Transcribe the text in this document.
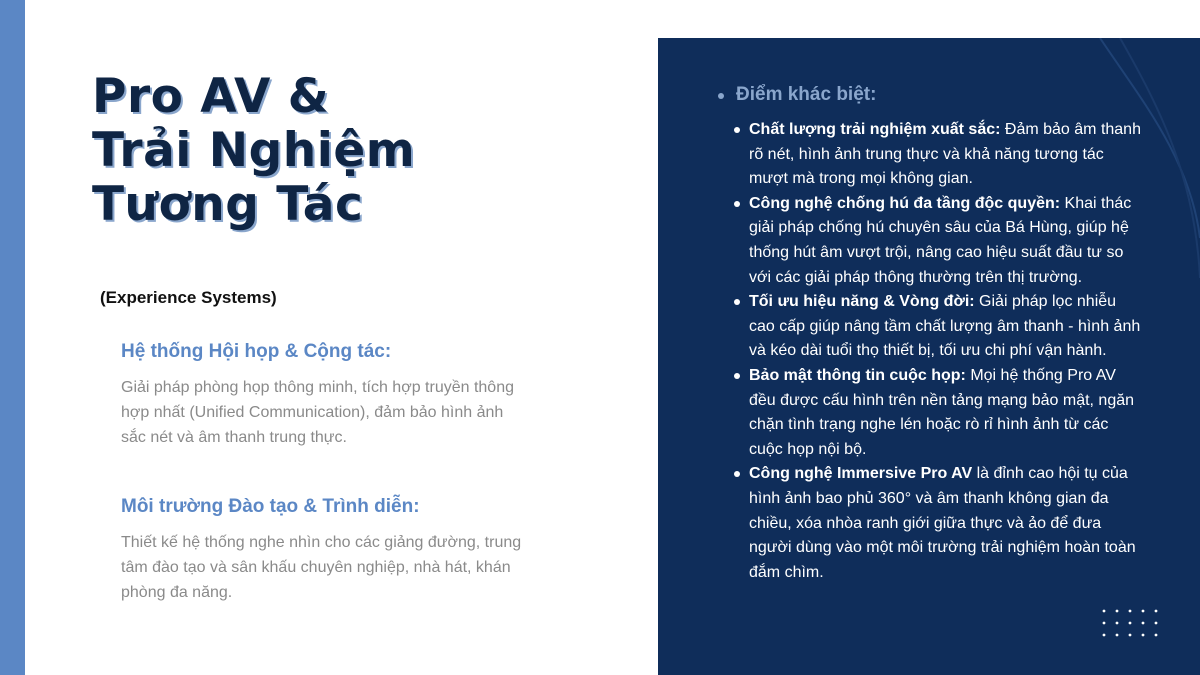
Pro AV &
Trải Nghiệm
Tương Tác

(Experience Systems)

Hệ thống Hội họp & Cộng tác:

Giải pháp phòng họp thông minh, tích hợp truyền thông hợp nhất (Unified Communication), đảm bảo hình ảnh sắc nét và âm thanh trung thực.

Môi trường Đào tạo & Trình diễn:

Thiết kế hệ thống nghe nhìn cho các giảng đường, trung tâm đào tạo và sân khấu chuyên nghiệp, nhà hát, khán phòng đa năng.

Điểm khác biệt:
Chất lượng trải nghiệm xuất sắc: Đảm bảo âm thanh rõ nét, hình ảnh trung thực và khả năng tương tác mượt mà trong mọi không gian.
Công nghệ chống hú đa tầng độc quyền: Khai thác giải pháp chống hú chuyên sâu của Bá Hùng, giúp hệ thống hút âm vượt trội, nâng cao hiệu suất đầu tư so với các giải pháp thông thường trên thị trường.
Tối ưu hiệu năng & Vòng đời: Giải pháp lọc nhiễu cao cấp giúp nâng tầm chất lượng âm thanh - hình ảnh và kéo dài tuổi thọ thiết bị, tối ưu chi phí vận hành.
Bảo mật thông tin cuộc họp: Mọi hệ thống Pro AV đều được cấu hình trên nền tảng mạng bảo mật, ngăn chặn tình trạng nghe lén hoặc rò rỉ hình ảnh từ các cuộc họp nội bộ.
Công nghệ Immersive Pro AV là đỉnh cao hội tụ của hình ảnh bao phủ 360° và âm thanh không gian đa chiều, xóa nhòa ranh giới giữa thực và ảo để đưa người dùng vào một môi trường trải nghiệm hoàn toàn đắm chìm.
